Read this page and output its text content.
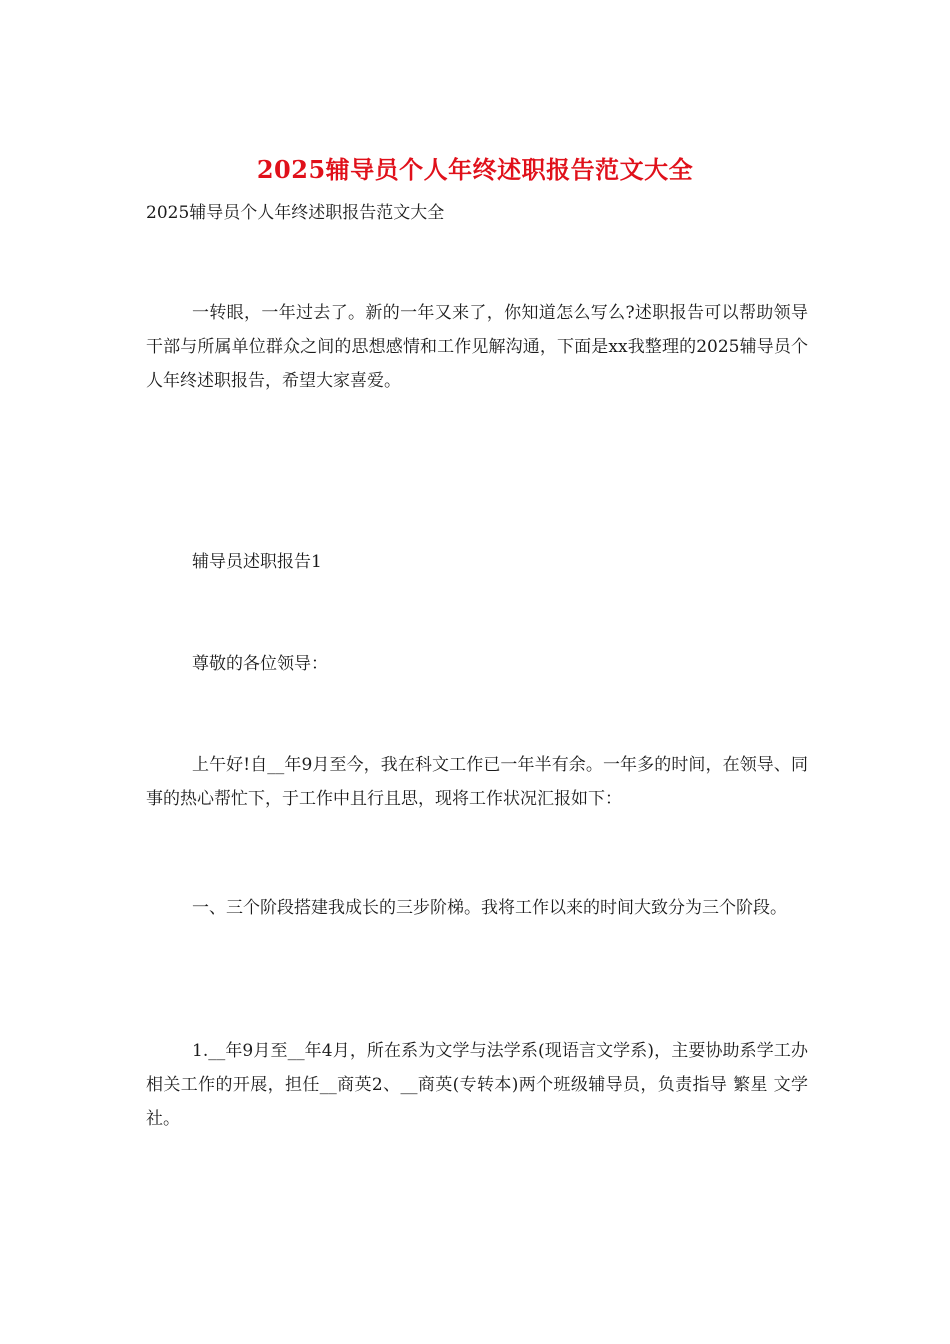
2025辅导员个人年终述职报告范文大全
2025辅导员个人年终述职报告范文大全

一转眼，一年过去了。新的一年又来了，你知道怎么写么?述职报告可以帮助领导干部与所属单位群众之间的思想感情和工作见解沟通，下面是xx我整理的2025辅导员个人年终述职报告，希望大家喜爱。

辅导员述职报告1

尊敬的各位领导：

上午好!自__年9月至今，我在科文工作已一年半有余。一年多的时间，在领导、同事的热心帮忙下，于工作中且行且思，现将工作状况汇报如下：

一、三个阶段搭建我成长的三步阶梯。我将工作以来的时间大致分为三个阶段。

1.__年9月至__年4月，所在系为文学与法学系(现语言文学系)，主要协助系学工办相关工作的开展，担任__商英2、__商英(专转本)两个班级辅导员，负责指导 繁星 文学社。
